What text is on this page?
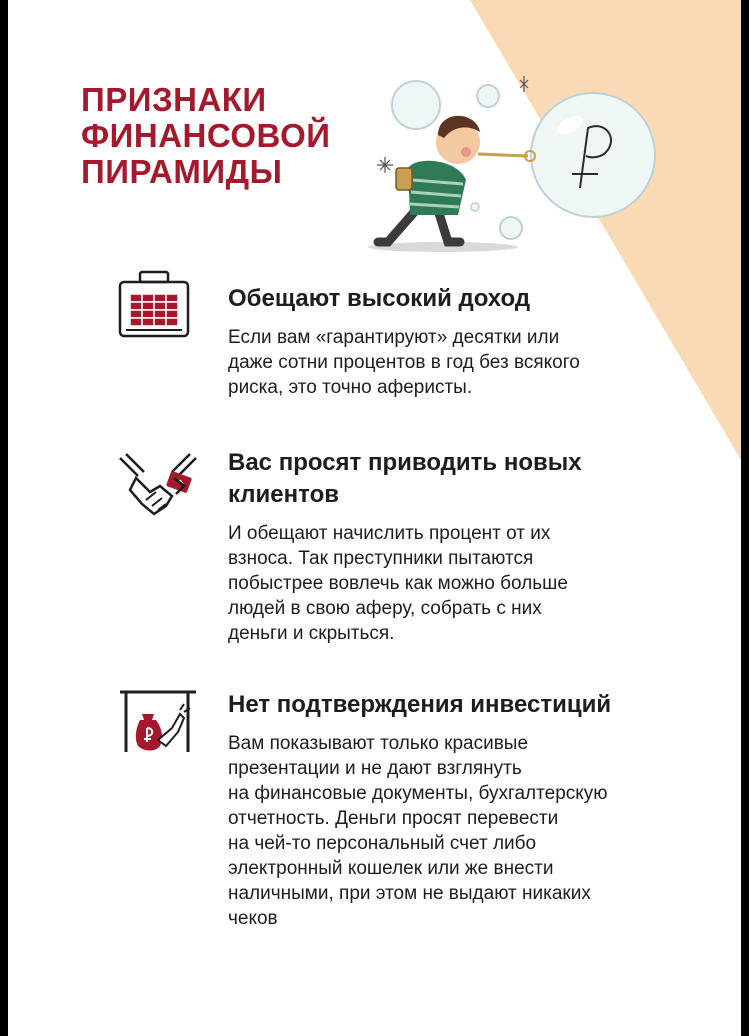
ПРИЗНАКИ
ФИНАНСОВОЙ
ПИРАМИДЫ
Обещают высокий доход

Если вам «гарантируют» десятки или
даже сотни процентов в год без всякого
риска, это точно аферисты.

Вас просят приводить новых
клиентов

И обещают начислить процент от их
взноса. Так преступники пытаются
побыстрее вовлечь как можно больше
людей в свою аферу, собрать с них
деньги и скрыться.

Нет подтверждения инвестиций

Вам показывают только красивые
презентации и не дают взглянуть
на финансовые документы, бухгалтерскую
отчетность. Деньги просят перевести
на чей-то персональный счет либо
электронный кошелек или же внести
наличными, при этом не выдают никаких
чеков
